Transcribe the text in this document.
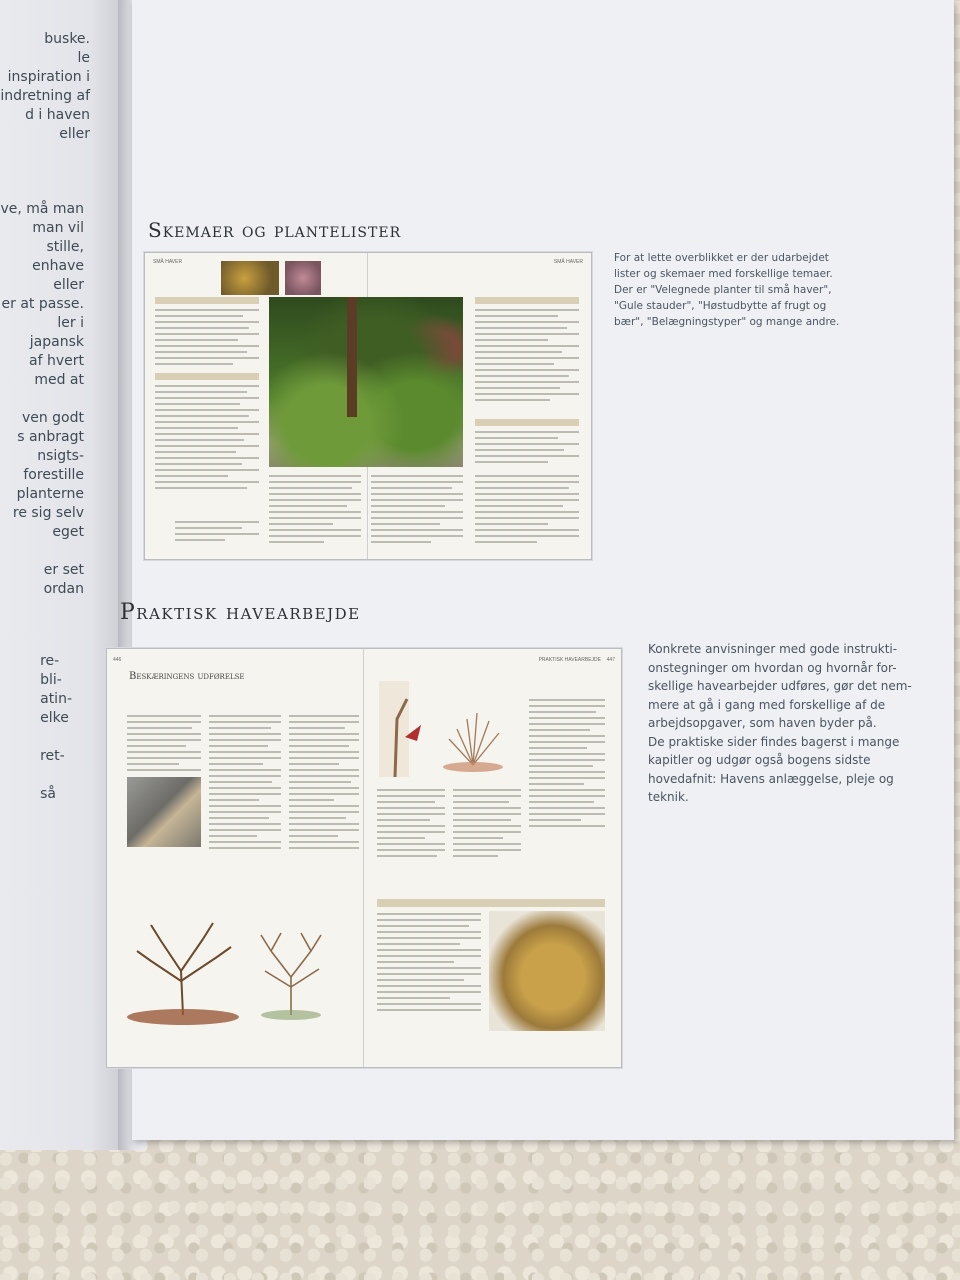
buske.
le inspiration i
indretning af
d i haven eller
ve, må man
man vil stille,
enhave eller
er at passe.
ler i japansk
af hvert
med at
ven godt
s anbragt
nsigts-
forestille
planterne
re sig selv
eget
er set
ordan
re-
bli-
atin-
elke
ret-
så
Skemaer og plantelister

For at lette overblikket er der udarbejdet

lister og skemaer med forskellige temaer.

Der er "Velegnede planter til små haver",

"Gule stauder", "Høstudbytte af frugt og

bær", "Belægningstyper" og mange andre.

SMÅ HAVER	SMÅ HAVER
Praktisk havearbejde

Konkrete anvisninger med gode instrukti-

onstegninger om hvordan og hvornår for-

skellige havearbejder udføres, gør det nem-

mere at gå i gang med forskellige af de

arbejdsopgaver, som haven byder på.

De praktiske sider findes bagerst i mange

kapitler og udgør også bogens sidste

hovedafnit: Havens anlæggelse, pleje og

teknik.

446	447
PRAKTISK HAVEARBEJDE
Beskæringens udførelse
